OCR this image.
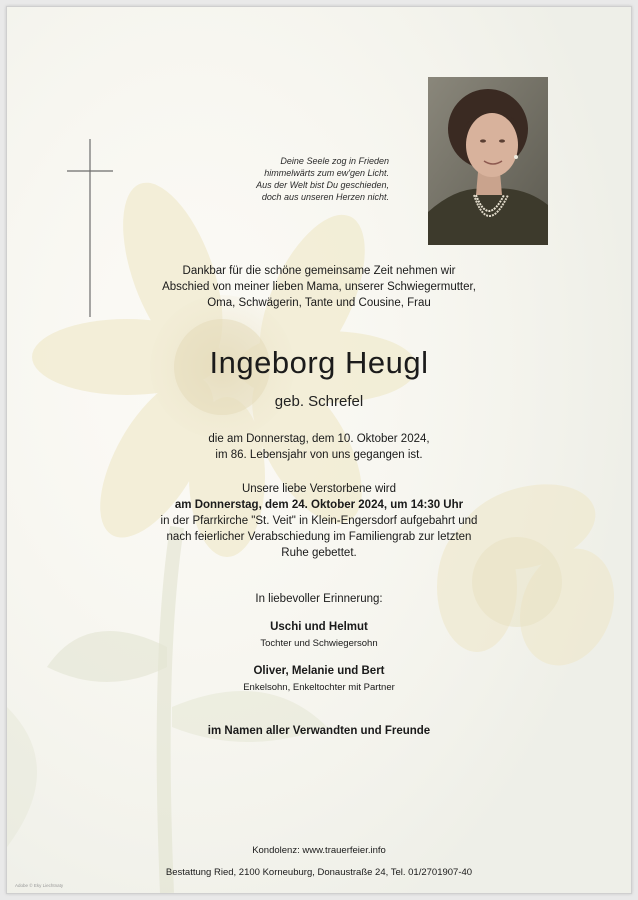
Deine Seele zog in Frieden
himmelwärts zum ew'gen Licht.
Aus der Welt bist Du geschieden,
doch aus unseren Herzen nicht.
Dankbar für die schöne gemeinsame Zeit nehmen wir
Abschied von meiner lieben Mama, unserer Schwiegermutter,
Oma, Schwägerin, Tante und Cousine, Frau
Ingeborg Heugl
geb. Schrefel
die am Donnerstag, dem 10. Oktober 2024,
im 86. Lebensjahr von uns gegangen ist.
Unsere liebe Verstorbene wird
am Donnerstag, dem 24. Oktober 2024, um 14:30 Uhr
in der Pfarrkirche "St. Veit" in Klein-Engersdorf aufgebahrt und
nach feierlicher Verabschiedung im Familiengrab zur letzten
Ruhe gebettet.
In liebevoller Erinnerung:
Uschi und Helmut
Tochter und Schwiegersohn
Oliver, Melanie und Bert
Enkelsohn, Enkeltochter mit Partner
im Namen aller Verwandten und Freunde
Kondolenz: www.trauerfeier.info
Bestattung Ried, 2100 Korneuburg, Donaustraße 24, Tel. 01/2701907-40
Adobe © Eky Liechtnaty
